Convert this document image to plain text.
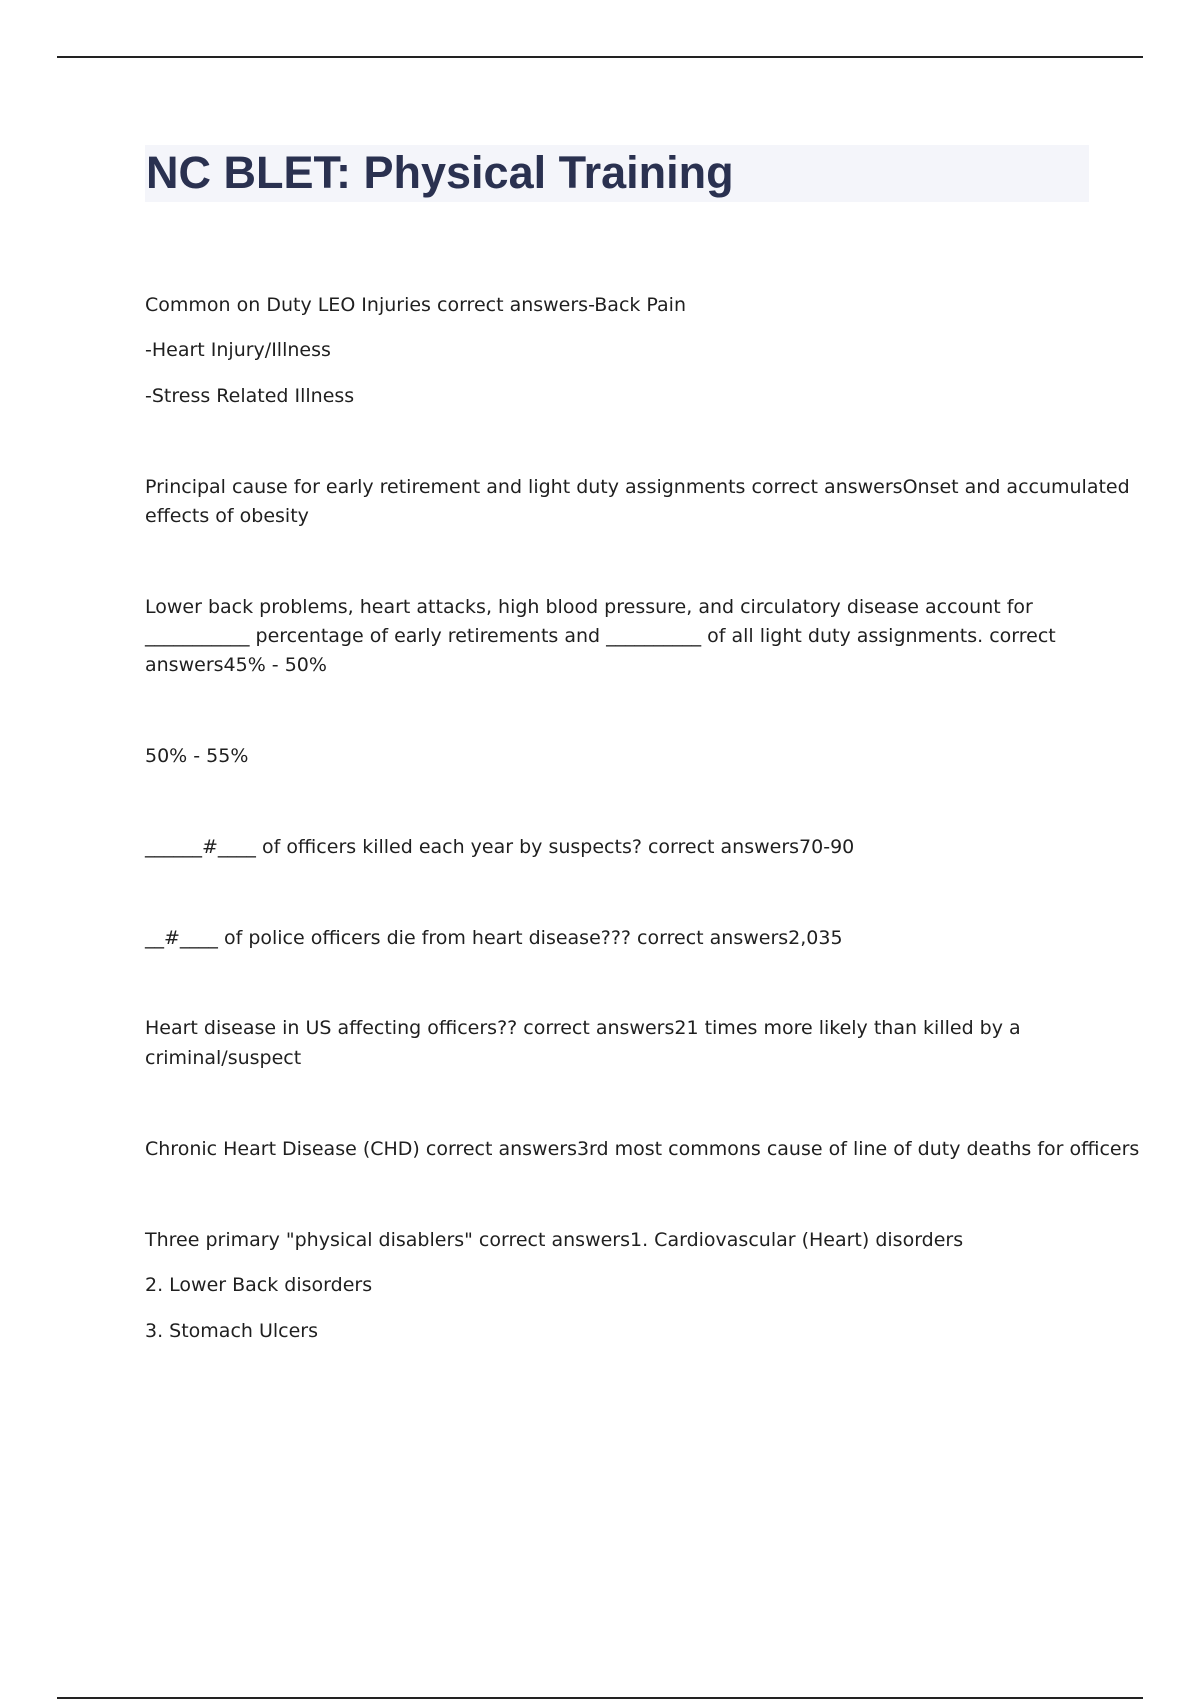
NC BLET: Physical Training

Common on Duty LEO Injuries correct answers-Back Pain

-Heart Injury/Illness

-Stress Related Illness

Principal cause for early retirement and light duty assignments correct answersOnset and accumulated

effects of obesity

Lower back problems, heart attacks, high blood pressure, and circulatory disease account for

___________ percentage of early retirements and __________ of all light duty assignments. correct

answers45% - 50%

50% - 55%

______#____ of officers killed each year by suspects? correct answers70-90

__#____ of police officers die from heart disease??? correct answers2,035

Heart disease in US affecting officers?? correct answers21 times more likely than killed by a

criminal/suspect

Chronic Heart Disease (CHD) correct answers3rd most commons cause of line of duty deaths for officers

Three primary "physical disablers" correct answers1. Cardiovascular (Heart) disorders

2. Lower Back disorders

3. Stomach Ulcers
